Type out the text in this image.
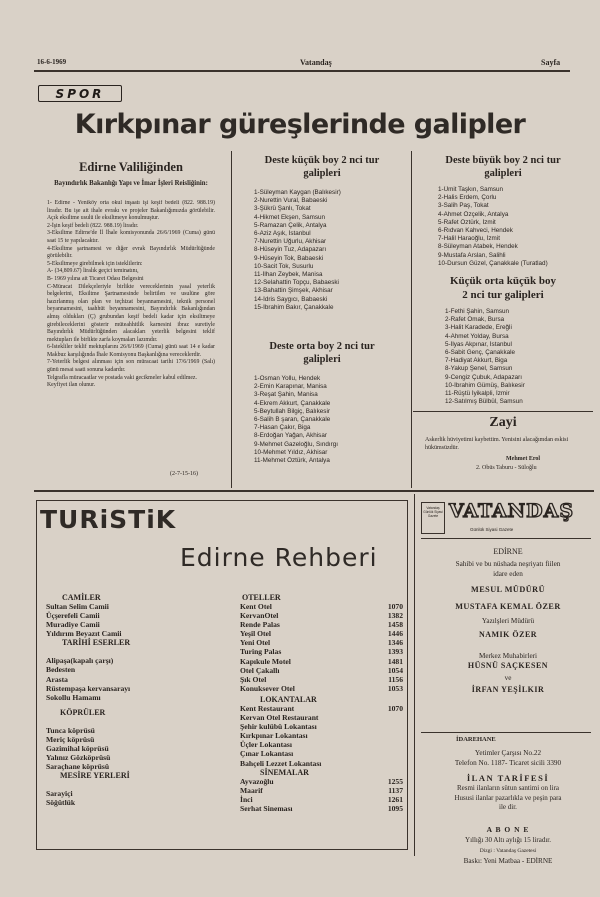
16-6-1969	Vatandaş	Sayfa
SPOR
Kırkpınar güreşlerinde galipler
Edirne Valiliğinden
Bayındırlık Bakanlığı Yapı ve İmar İşleri Reisliğinin:

1- Edirne - Yeniköy orta okul inşaatı işi keşif bedeli (822. 988.19) liradır. Bu işe ait ihale evrakı ve projeler Bakanlığımızda görülebilir. Açık eksiltme usulü ile eksiltmeye konulmuştur.

2-İşin keşif bedeli (822. 988.19) liradır.

3-Eksiltme Edirne'de İl İhale komisyonunda 26/6/1969 (Cuma) günü saat 15 te yapılacaktır.

4-Eksiltme şartnamesi ve diğer evrak Bayındırlık Müdürlüğünde görülebilir.

5-Eksiltmeye girebilmek için isteklilerin:

A- (34,809.67) liralık geçici teminatını,

B- 1969 yılına ait Ticaret Odası Belgesini

C-Müracat Dilekçeleriyle birlikte vereceklerinin yasal yeterlik belgelerini, Eksiltme Şartnamesinde belirtilen ve usulüne göre hazırlanmış olan plan ve teçhizat beyannamesini, teknik personel beyannamesini, taahhüt beyannamesini, Bayındırlık Bakanlığından almış oldukları (Ç) grubundan keşif bedeli kadar için eksiltmeye girebileceklerini gösterir müteahhitlik karnesini ibraz suretiyle Bayındırlık Müdürlüğünden alacakları yeterlik belgesini teklif mektupları ile birlikte zarfa koymaları lazımdır.

6-İstekliler teklif mektuplarını 26/6/1969 (Cuma) günü saat 14 e kadar Makbuz karşılığında İhale Komisyonu Başkanlığına vereceklerdir.

7-Yeterlik belgesi alınması için son müracaat tarihi 17/6/1969 (Salı) günü mesai saati sonuna kadardır.

Telgrafla müracaatlar ve postada vaki gecikmeler kabul edilmez.

Keyfiyet ilan olunur.

(2-7-15-16)
Deste küçük boy 2 nci tur
galipleri
1-Süleyman Kaygan (Balıkesir)
2-Nurettin Vural, Babaeski
3-Şükrü Şanlı, Tokat
4-Hikmet Ekşen, Samsun
5-Ramazan Çelik, Antalya
6-Aziz Aşık, İstanbul
7-Nurettin Uğurlu, Akhisar
8-Hüseyin Tuz, Adapazarı
9-Hüseyin Tok, Babaeski
10-Sacit Tok, Susurlu
11-İlhan Zeybek, Manisa
12-Selahattin Topçu, Babaeski
13-Bahattin Şimşek, Akhisar
14-İdris Saygıcı, Babaeski
15-İbrahim Bakır, Çanakkale
Deste orta boy 2 nci tur
galipleri
1-Osman Yollu, Hendek
2-Emin Karapınar, Manisa
3-Reşat Şahin, Manisa
4-Ekrem Akkurt, Çanakkale
5-Beytullah Bilgiç, Balıkesir
6-Salih B şaran, Çanakkale
7-Hasan Çakır, Biga
8-Erdoğan Yağan, Akhisar
9-Mehmet Gazeloğlu, Sındırgı
10-Mehmet Yıldız, Akhisar
11-Mehmet Öztürk, Antalya
Deste büyük boy 2 nci tur
galipleri
1-Ümit Taşkın, Samsun
2-Halis Erdem, Çorlu
3-Salih Paş, Tokat
4-Ahmet Özçelik, Antalya
5-Rafet Öztürk, İzmit
6-Rıdvan Kahveci, Hendek
7-Halil Haraoğlu, İzmit
8-Süleyman Atabek, Hendek
9-Mustafa Arslan, Salihli
10-Dursun Güzel, Çanakkale (Turatlad)
Küçük orta küçük boy
2 nci tur galipleri
1-Fethi Şahin, Samsun
2-Rafet Omak, Bursa
3-Halit Karadede, Ereğli
4-Ahmet Yolday, Bursa
5-İlyas Akpınar, İstanbul
6-Sabit Genç, Çanakkale
7-Hadiyat Akkurt, Biga
8-Yakup Şenel, Samsun
9-Cengiz Çubuk, Adapazarı
10-İbrahim Gümüş, Balıkesir
11-Rüştü İyikalpli, İzmir
12-Satılmış Bülbül, Samsun
Zayi
Askerlik hüviyetimi kaybettim. Yenisini alacağımdan eskisi hükümsüzdür.
Mehmet Erol
2. Obüs Taburu - Süloğlu
TURiSTiK
Edirne Rehberi
CAMİLER
Sultan Selim Camii
Üçşerefeli Camii
Muradiye Camii
Yıldırım Beyazıt Camii
TARİHİ ESERLER
Alipaşa(kapalı çarşı)
Bedesten
Arasta
Rüstempaşa kervansarayı
Sokollu Hamamı
KÖPRÜLER
Tunca köprüsü
Meriç köprüsü
Gazimihal köprüsü
Yalınız Gözköprüsü
Saraçhane köprüsü
MESİRE YERLERİ
Sarayiçi
Söğütlük
OTELLER
Kent Otel	1070
KervanOtel	1382
Rende Palas	1458
Yeşil Otel	1446
Yeni Otel	1346
Turing Palas	1393
Kapıkule Motel	1481
Otel Çakallı	1054
Şık Otel	1156
Konuksever Otel	1053
LOKANTALAR
Kent Restaurant	1070
Kervan Otel Restaurant
Şehir kulübü Lokantası
Kırkpınar Lokantası
Üçler Lokantası
Çınar Lokantası
Bahçeli Lezzet Lokantası
SİNEMALAR
Ayvazoğlu	1255
Maarif	1137
İnci	1261
Serhat Sineması	1095
Vatandaş Günlük Siyasi Gazete VATANDAŞ
Günlük Siyasi Gazete
EDİRNE
Sahibi ve bu nüshada neşriyatı fiilen
idare eden
MESUL MÜDÜRÜ
MUSTAFA KEMAL ÖZER
Yazılşleri Müdürü
NAMIK ÖZER
Merkez Muhabirleri
HÜSNÜ SAÇKESEN
ve
İRFAN YEŞİLKIR
İDAREHANE
Yetimler Çarşısı No.22
Telefon No. 1187- Ticaret sicili 3390
İLAN TARİFESİ
Resmi ilanların sütun santimi on lira
Hususi ilanlar pazarlıkla ve peşin para
ile dir.
A B O N E
Yıllığı 30 Altı aylığı 15 liradır.
Dizgi : Vatandaş Gazetesi
Baskı: Yeni Matbaa - EDİRNE
